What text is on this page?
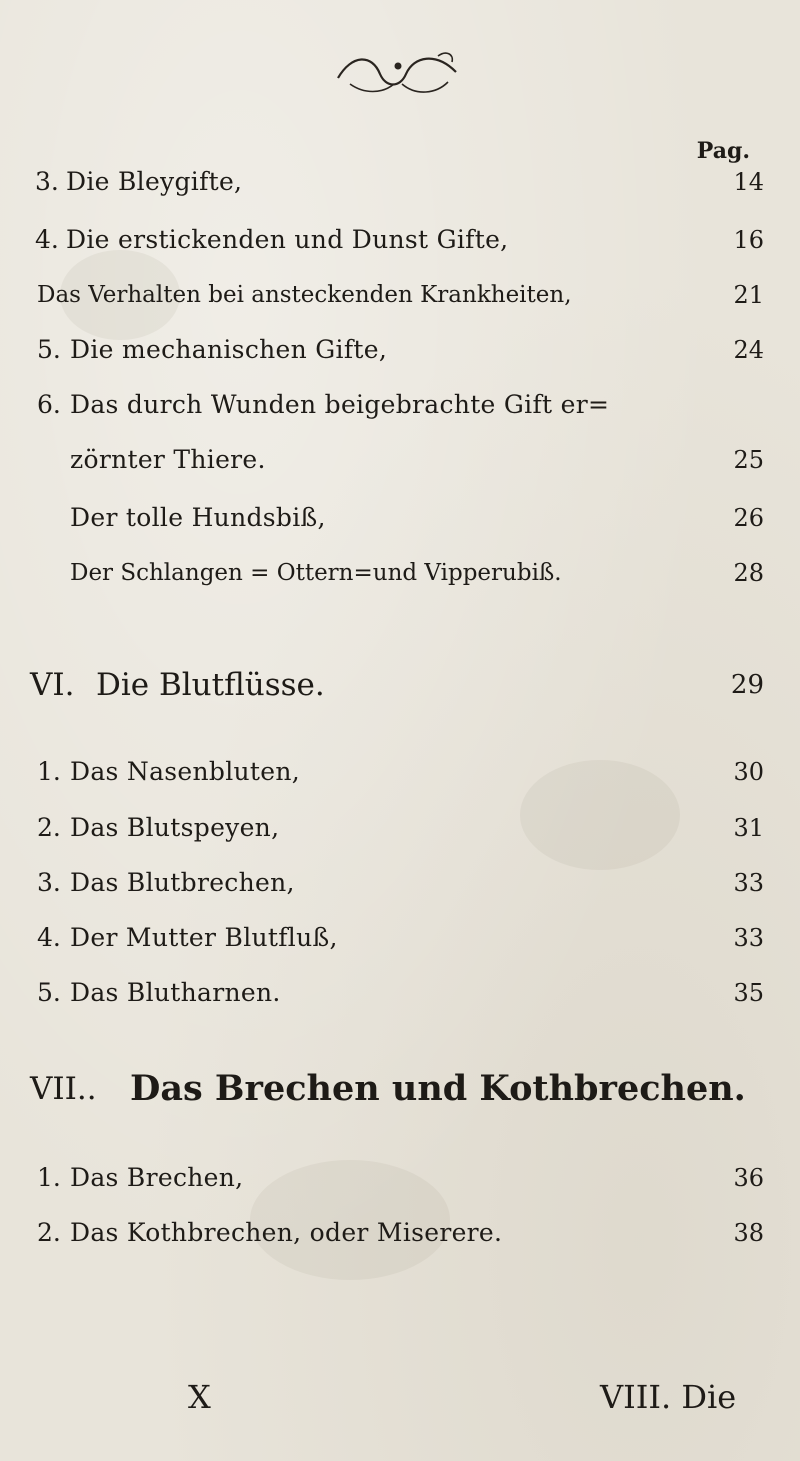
Pag.
3. Die Bleygifte,	14
4. Die erstickenden und Dunst Gifte,	16
Das Verhalten bei ansteckenden Krankheiten,	21
5. Die mechanischen Gifte,	24
6. Das durch Wunden beigebrachte Gift er=
zörnter Thiere.	25
Der tolle Hundsbiß,	26
Der Schlangen = Ottern=und Vipperubiß.	28
VI. Die Blutflüsse.	29
1. Das Nasenbluten,	30
2. Das Blutspeyen,	31
3. Das Blutbrechen,	33
4. Der Mutter Blutfluß,	33
5. Das Blutharnen.	35
VII.. Das Brechen und Kothbrechen.
1. Das Brechen,	36
2. Das Kothbrechen, oder Miserere.	38
X	VIII. Die
